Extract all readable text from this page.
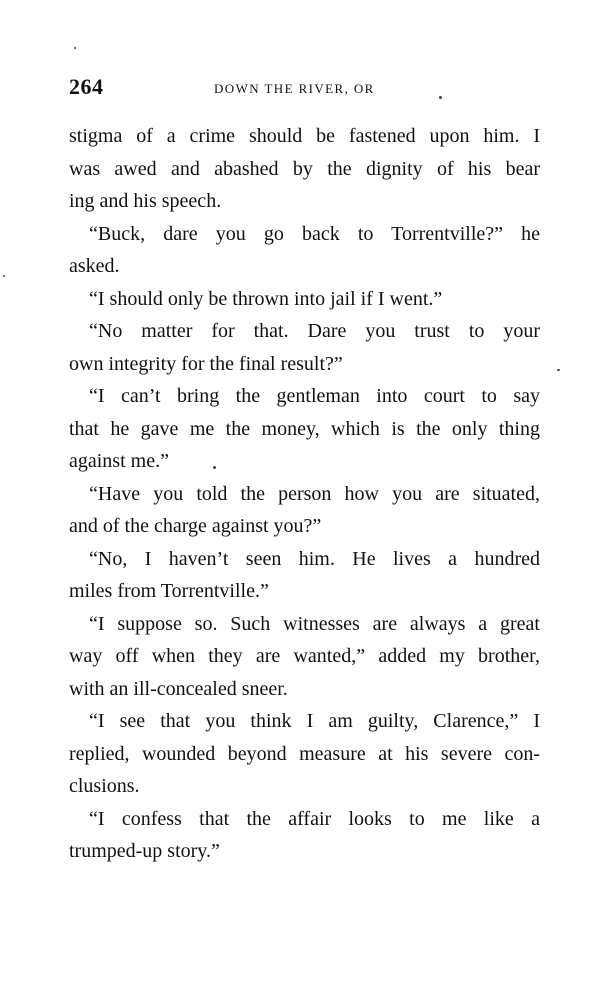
264	DOWN THE RIVER, OR
stigma of a crime should be fastened upon him. I
was awed and abashed by the dignity of his bear
ing and his speech.
“Buck, dare you go back to Torrentville?” he
asked.
“I should only be thrown into jail if I went.”
“No matter for that. Dare you trust to your
own integrity for the final result?”
“I can’t bring the gentleman into court to say
that he gave me the money, which is the only thing
against me.”
“Have you told the person how you are situated,
and of the charge against you?”
“No, I haven’t seen him. He lives a hundred
miles from Torrentville.”
“I suppose so. Such witnesses are always a great
way off when they are wanted,” added my brother,
with an ill-concealed sneer.
“I see that you think I am guilty, Clarence,” I
replied, wounded beyond measure at his severe con-
clusions.
“I confess that the affair looks to me like a
trumped-up story.”
